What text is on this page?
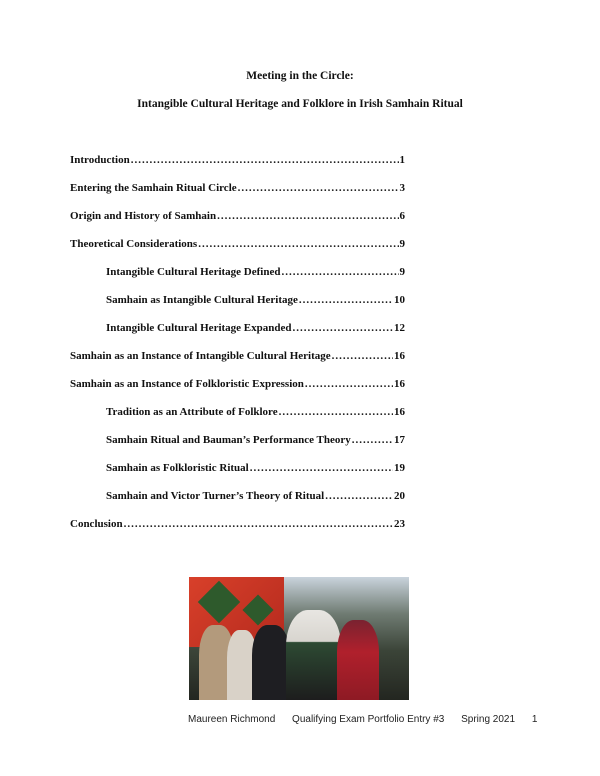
Meeting in the Circle:
Intangible Cultural Heritage and Folklore in Irish Samhain Ritual
Introduction .....	1
Entering the Samhain Ritual Circle .....	3
Origin and History of Samhain .....	6
Theoretical Considerations .....	9
Intangible Cultural Heritage Defined .....	9
Samhain as Intangible Cultural Heritage .....	10
Intangible Cultural Heritage Expanded .....	12
Samhain as an Instance of Intangible Cultural Heritage .....	16
Samhain as an Instance of Folkloristic Expression .....	16
Tradition as an Attribute of Folklore .....	16
Samhain Ritual and Bauman’s Performance Theory .....	17
Samhain as Folkloristic Ritual .....	19
Samhain and Victor Turner’s Theory of Ritual .....	20
Conclusion .....	23
Maureen Richmond Qualifying Exam Portfolio Entry #3 Spring 2021 1
